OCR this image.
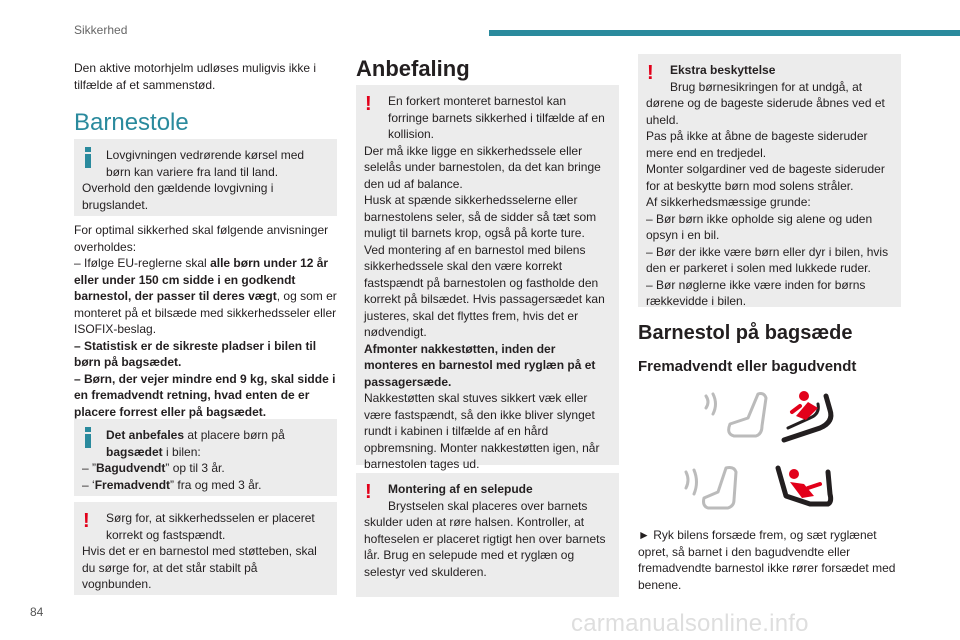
Sikkerhed

Den aktive motorhjelm udløses muligvis ikke i tilfælde af et sammenstød.

Barnestole

Lovgivningen vedrørende kørsel med

børn kan variere fra land til land.

Overhold den gældende lovgivning i brugslandet.

For optimal sikkerhed skal følgende anvisninger overholdes:

– Ifølge EU-reglerne skal alle børn under 12 år eller under 150 cm sidde i en godkendt barnestol, der passer til deres vægt, og som er monteret på et bilsæde med sikkerhedsseler eller ISOFIX-beslag.

– Statistisk er de sikreste pladser i bilen til børn på bagsædet.

– Børn, der vejer mindre end 9 kg, skal sidde i en fremadvendt retning, hvad enten de er placere forrest eller på bagsædet.

Det anbefales at placere børn på

bagsædet i bilen:

– ”Bagudvendt” op til 3 år.

– ‘Fremadvendt” fra og med 3 år.

!	Sørg for, at sikkerhedsselen er placeret

korrekt og fastspændt.

Hvis det er en barnestol med støtteben, skal du sørge for, at det står stabilt på vognbunden.

Anbefaling
!	En forkert monteret barnestol kan

forringe barnets sikkerhed i tilfælde af en kollision.

Der må ikke ligge en sikkerhedssele eller selelås under barnestolen, da det kan bringe den ud af balance.

Husk at spænde sikkerhedsselerne eller barnestolens seler, så de sidder så tæt som muligt til barnets krop, også på korte ture.

Ved montering af en barnestol med bilens sikkerhedssele skal den være korrekt fastspændt på barnestolen og fastholde den korrekt på bilsædet. Hvis passagersædet kan justeres, skal det flyttes frem, hvis det er nødvendigt.

Afmonter nakkestøtten, inden der monteres en barnestol med ryglæn på et passagersæde.

Nakkestøtten skal stuves sikkert væk eller være fastspændt, så den ikke bliver slynget rundt i kabinen i tilfælde af en hård opbremsning. Monter nakkestøtten igen, når barnestolen tages ud.

!	Montering af en selepude

Brystselen skal placeres over barnets

skulder uden at røre halsen. Kontroller, at hofteselen er placeret rigtigt hen over barnets lår. Brug en selepude med et ryglæn og selestyr ved skulderen.

!	Ekstra beskyttelse

Brug børnesikringen for at undgå, at

dørene og de bageste siderude åbnes ved et uheld.

Pas på ikke at åbne de bageste sideruder mere end en tredjedel.

Monter solgardiner ved de bageste sideruder for at beskytte børn mod solens stråler.

Af sikkerhedsmæssige grunde:

– Bør børn ikke opholde sig alene og uden opsyn i en bil.

– Bør der ikke være børn eller dyr i bilen, hvis den er parkeret i solen med lukkede ruder.

– Bør nøglerne ikke være inden for børns rækkevidde i bilen.

Barnestol på bagsæde
Fremadvendt eller bagudvendt
► Ryk bilens forsæde frem, og sæt ryglænet opret, så barnet i den bagudvendte eller fremadvendte barnestol ikke rører forsædet med benene.
84	carmanualsonline.info
